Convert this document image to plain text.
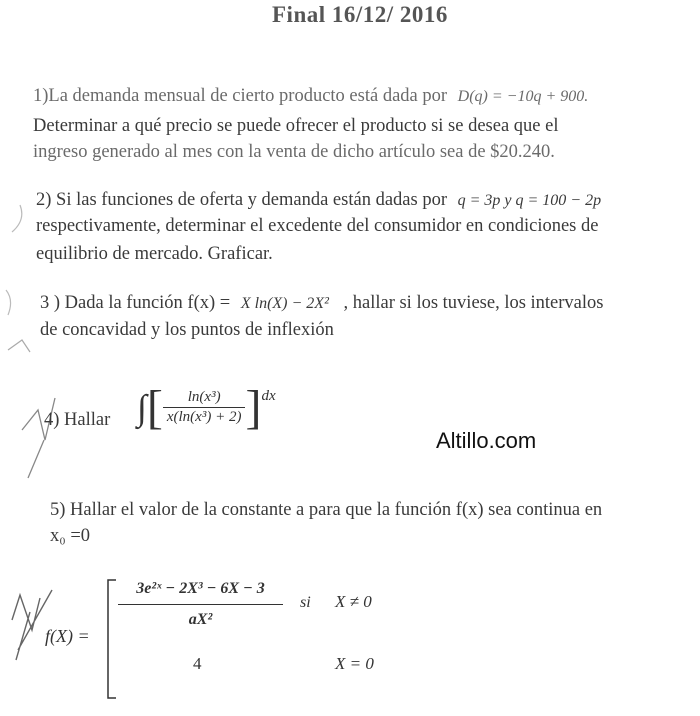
Final 16/12/ 2016
1)La demanda mensual de cierto producto está dada por D(q) = −10q + 900.
Determinar a qué precio se puede ofrecer el producto si se desea que el
ingreso generado al mes con la venta de dicho artículo sea de $20.240.
2) Si las funciones de oferta y demanda están dadas por q = 3p y q = 100 − 2p
respectivamente, determinar el excedente del consumidor en condiciones de
equilibrio de mercado. Graficar.
3 ) Dada la función f(x) = X ln(X) − 2X² , hallar si los tuviese, los intervalos
de concavidad y los puntos de inflexión
4) Hallar ∫[ $\frac{\text{ln(x³)}}{\text{x(ln(x³) + 2)}} ]dx$
Altillo.com
5) Hallar el valor de la constante a para que la función f(x) sea continua en
x₀ =0
f(X) =
$\frac{\text{3e²ˣ − 2X³ − 6X − 3}}{\text{aX²}}$ si X ≠ 0
4	X = 0
